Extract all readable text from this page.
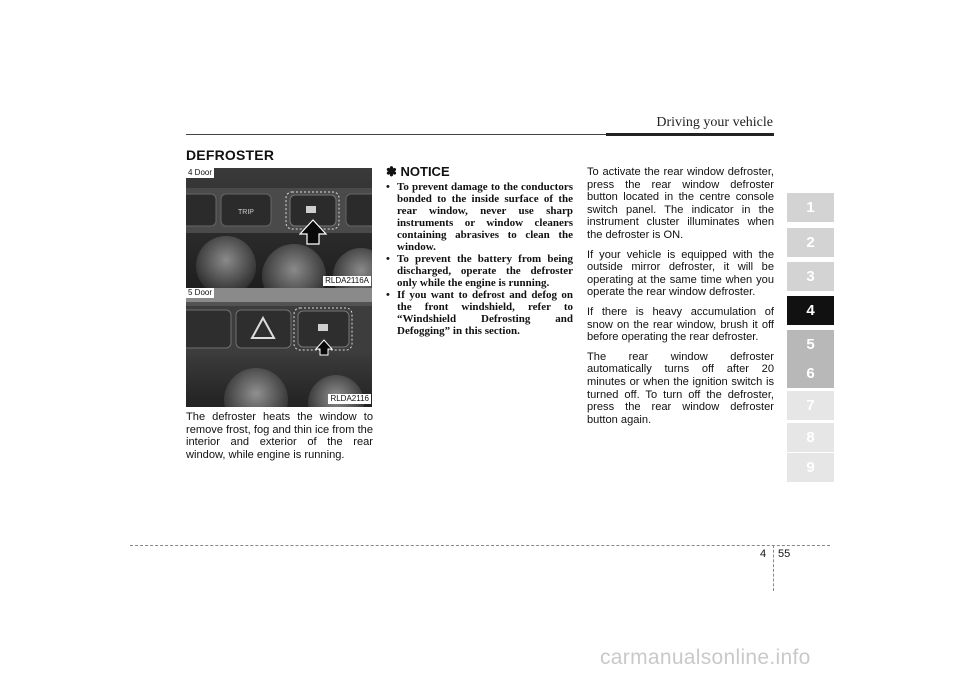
Driving your vehicle
DEFROSTER
TRIP
4 Door
RLDA2116A
5 Door
RLDA2116
The defroster heats the window to remove frost, fog and thin ice from the interior and exterior of the rear window, while engine is running.
✽ NOTICE
• To prevent damage to the conductors bonded to the inside surface of the rear window, never use sharp instruments or window cleaners containing abrasives to clean the window.
• To prevent the battery from being discharged, operate the defroster only while the engine is running.
• If you want to defrost and defog on the front windshield, refer to “Windshield Defrosting and Defogging” in this section.

To activate the rear window defroster, press the rear window defroster button located in the centre console switch panel. The indicator in the instrument cluster illuminates when the defroster is ON.

If your vehicle is equipped with the outside mirror defroster, it will be operating at the same time when you operate the rear window defroster.

If there is heavy accumulation of snow on the rear window, brush it off before operating the rear defroster.

The rear window defroster automatically turns off after 20 minutes or when the ignition switch is turned off. To turn off the defroster, press the rear window defroster button again.

1
2
3
4
5
6
7
8
9
4 55
carmanualsonline.info
